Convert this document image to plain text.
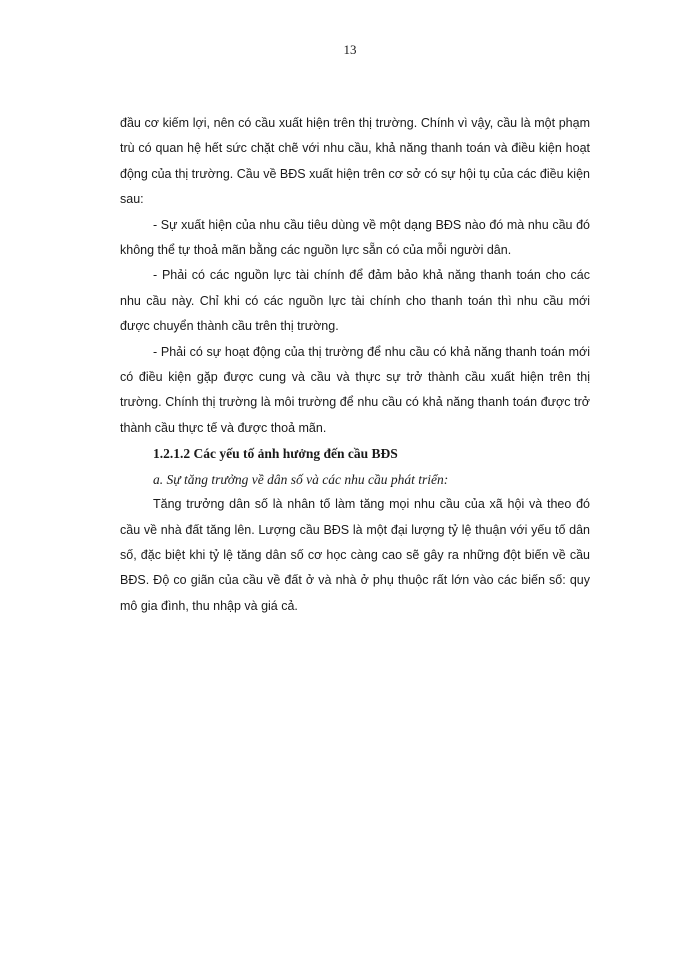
13

đầu cơ kiếm lợi, nên có cầu xuất hiện trên thị trường. Chính vì vậy, cầu là một phạm trù có quan hệ hết sức chặt chẽ với nhu cầu, khả năng thanh toán và điều kiện hoạt động của thị trường. Cầu về BĐS xuất hiện trên cơ sở có sự hội tụ của các điều kiện sau:

- Sự xuất hiện của nhu cầu tiêu dùng về một dạng BĐS nào đó mà nhu cầu đó không thể tự thoả mãn bằng các nguồn lực sẵn có của mỗi người dân.

- Phải có các nguồn lực tài chính để đảm bảo khả năng thanh toán cho các nhu cầu này. Chỉ khi có các nguồn lực tài chính cho thanh toán thì nhu cầu mới được chuyển thành cầu trên thị trường.

- Phải có sự hoạt động của thị trường để nhu cầu có khả năng thanh toán mới có điều kiện gặp được cung và cầu và thực sự trở thành cầu xuất hiện trên thị trường. Chính thị trường là môi trường để nhu cầu có khả năng thanh toán được trở thành cầu thực tế và được thoả mãn.

1.2.1.2 Các yếu tố ảnh hưởng đến cầu BĐS

a. Sự tăng trưởng về dân số và các nhu cầu phát triển:

Tăng trưởng dân số là nhân tố làm tăng mọi nhu cầu của xã hội và theo đó cầu về nhà đất tăng lên. Lượng cầu BĐS là một đại lượng tỷ lệ thuận với yếu tố dân số, đặc biệt khi tỷ lệ tăng dân số cơ học càng cao sẽ gây ra những đột biến về cầu BĐS. Độ co giãn của cầu về đất ở và nhà ở phụ thuộc rất lớn vào các biến số: quy mô gia đình, thu nhập và giá cả.
